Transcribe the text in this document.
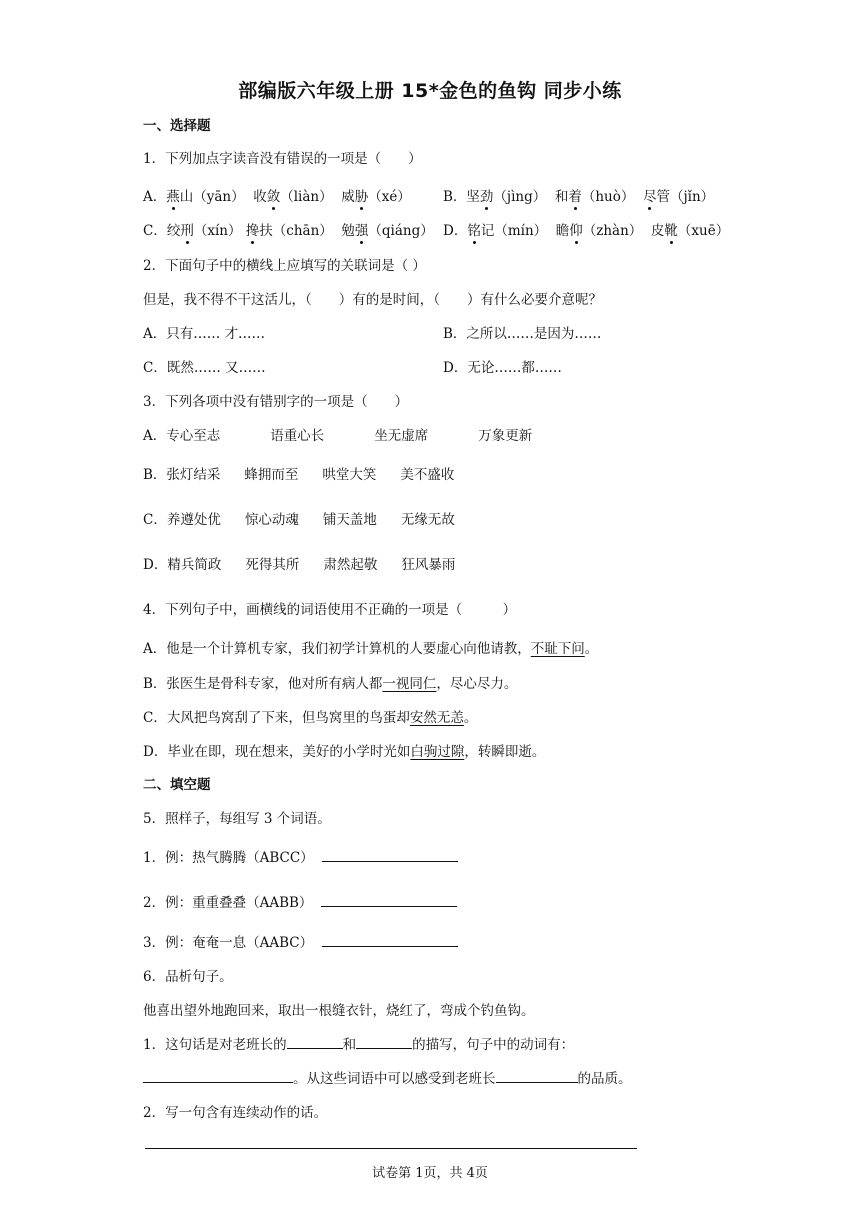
部编版六年级上册 15*金色的鱼钩 同步小练
一、选择题
1．下列加点字读音没有错误的一项是（　　）
A．燕山（yān） 收敛（liàn） 威胁（xé） B．坚劲（jìng） 和着（huò） 尽管（jǐn）
C．绞刑（xín） 搀扶（chān） 勉强（qiáng） D．铭记（mín） 瞻仰（zhàn） 皮靴（xuē）
2．下面句子中的横线上应填写的关联词是（ ）
但是，我不得不干这活儿，（　　）有的是时间，（　　）有什么必要介意呢？
A．只有…… 才……	B．之所以……是因为……
C．既然…… 又……	D．无论……都……
3．下列各项中没有错别字的一项是（　　）
A．专心至志	语重心长	坐无虚席	万象更新
B．张灯结采 蜂拥而至 哄堂大笑 美不盛收
C．养遵处优 惊心动魂 铺天盖地 无缘无故
D．精兵简政 死得其所 肃然起敬 狂风暴雨
4．下列句子中，画横线的词语使用不正确的一项是（　　　）
A．他是一个计算机专家，我们初学计算机的人要虚心向他请教，不耻下问。
B．张医生是骨科专家，他对所有病人都一视同仁，尽心尽力。
C．大风把鸟窝刮了下来，但鸟窝里的鸟蛋却安然无恙。
D．毕业在即，现在想来，美好的小学时光如白驹过隙，转瞬即逝。
二、填空题
5．照样子，每组写 3 个词语。
1．例：热气腾腾（ABCC）
2．例：重重叠叠（AABB）
3．例：奄奄一息（AABC）
6．品析句子。
他喜出望外地跑回来，取出一根缝衣针，烧红了，弯成个钓鱼钩。
1．这句话是对老班长的	和	的描写，句子中的动词有：
。从这些词语中可以感受到老班长	的品质。
2．写一句含有连续动作的话。
试卷第 1页，共 4页
